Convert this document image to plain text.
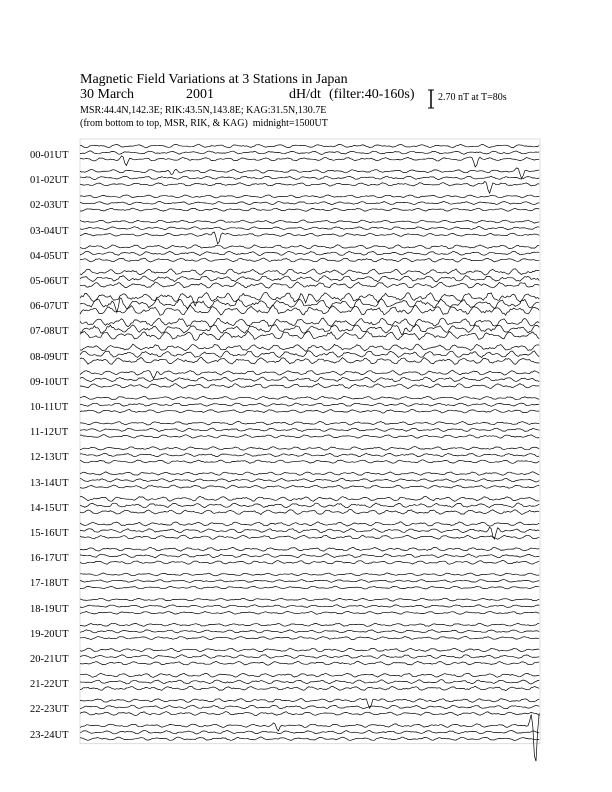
Magnetic Field Variations at 3 Stations in Japan
30 March	2001	dH/dt (filter:40-160s)
MSR:44.4N,142.3E; RIK:43.5N,143.8E; KAG:31.5N,130.7E
(from bottom to top, MSR, RIK, & KAG) midnight=1500UT
2.70 nT at T=80s
00-01UT
01-02UT
02-03UT
03-04UT
04-05UT
05-06UT
06-07UT
07-08UT
08-09UT
09-10UT
10-11UT
11-12UT
12-13UT
13-14UT
14-15UT
15-16UT
16-17UT
17-18UT
18-19UT
19-20UT
20-21UT
21-22UT
22-23UT
23-24UT
